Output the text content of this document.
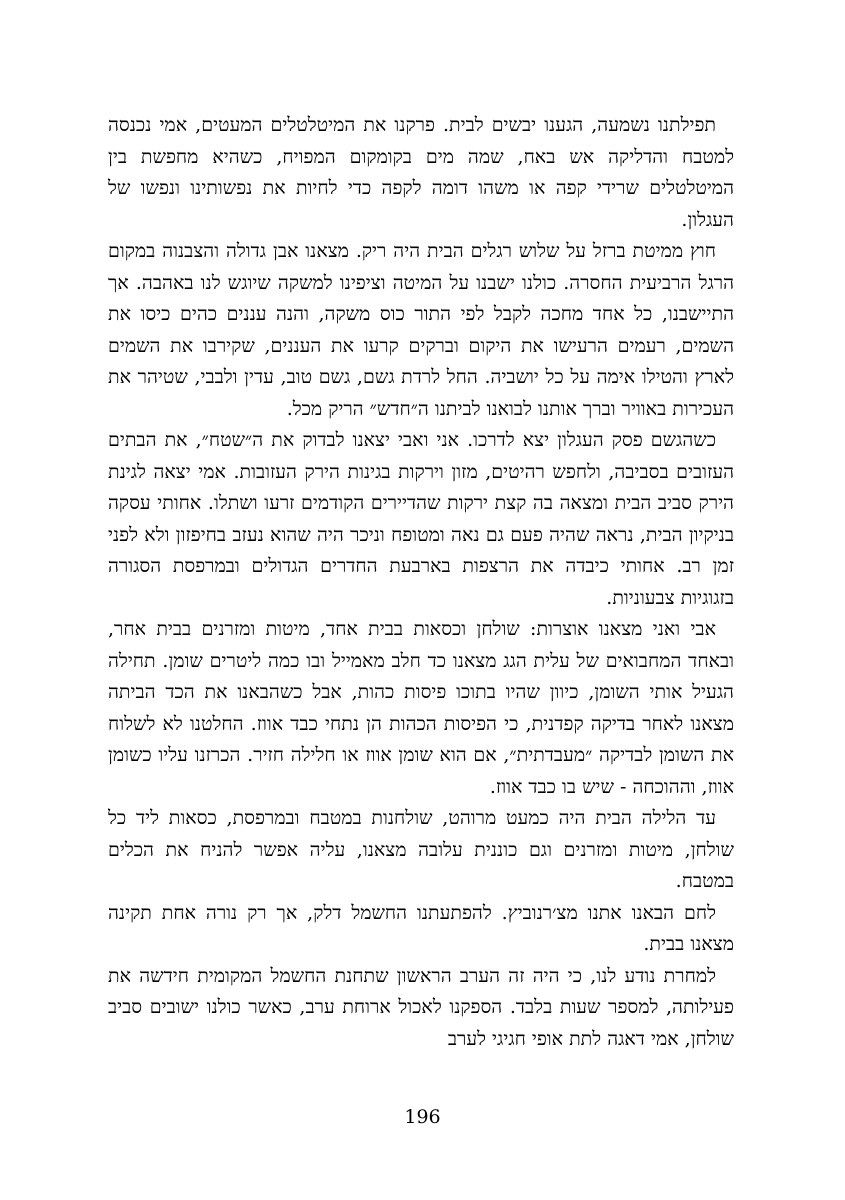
תפילתנו נשמעה, הגענו יבשים לבית. פרקנו את המיטלטלים המעטים, אמי נכנסה למטבח והדליקה אש באח, שמה מים בקומקום המפויח, כשהיא מחפשת בין המיטלטלים שרידי קפה או משהו דומה לקפה כדי לחיות את נפשותינו ונפשו של העגלון.

חוץ ממיטת ברזל על שלוש רגלים הבית היה ריק. מצאנו אבן גדולה והצבנוה במקום הרגל הרביעית החסרה. כולנו ישבנו על המיטה וציפינו למשקה שיוגש לנו באהבה. אך התיישבנו, כל אחד מחכה לקבל לפי התור כוס משקה, והנה עננים כהים כיסו את השמים, רעמים הרעישו את היקום וברקים קרעו את העננים, שקירבו את השמים לארץ והטילו אימה על כל יושביה. החל לרדת גשם, גשם טוב, עדין ולבבי, שטיהר את העכירות באוויר וברך אותנו לבואנו לביתנו ה״חדש״ הריק מכל.

כשהגשם פסק העגלון יצא לדרכו. אני ואבי יצאנו לבדוק את ה״שטח״, את הבתים העזובים בסביבה, ולחפש רהיטים, מזון וירקות בגינות הירק העזובות. אמי יצאה לגינת הירק סביב הבית ומצאה בה קצת ירקות שהדיירים הקודמים זרעו ושתלו. אחותי עסקה בניקיון הבית, נראה שהיה פעם גם נאה ומטופח וניכר היה שהוא נעזב בחיפזון ולא לפני זמן רב. אחותי כיבדה את הרצפות בארבעת החדרים הגדולים ובמרפסת הסגורה בזגוגיות צבעוניות.

אבי ואני מצאנו אוצרות: שולחן וכסאות בבית אחד, מיטות ומזרנים בבית אחר, ובאחד המחבואים של עלית הגג מצאנו כד חלב מאמייל ובו כמה ליטרים שומן. תחילה הגעיל אותי השומן, כיוון שהיו בתוכו פיסות כהות, אבל כשהבאנו את הכד הביתה מצאנו לאחר בדיקה קפדנית, כי הפיסות הכהות הן נתחי כבד אווז. החלטנו לא לשלוח את השומן לבדיקה ״מעבדתית״, אם הוא שומן אווז או חלילה חזיר. הכרזנו עליו כשומן אווז, וההוכחה - שיש בו כבד אווז.

עד הלילה הבית היה כמעט מרוהט, שולחנות במטבח ובמרפסת, כסאות ליד כל שולחן, מיטות ומזרנים וגם כוננית עלובה מצאנו, עליה אפשר להניח את הכלים במטבח.

לחם הבאנו אתנו מצ׳רנוביץ. להפתעתנו החשמל דלק, אך רק נורה אחת תקינה מצאנו בבית.

למחרת נודע לנו, כי היה זה הערב הראשון שתחנת החשמל המקומית חידשה את פעילותה, למספר שעות בלבד. הספקנו לאכול ארוחת ערב, כאשר כולנו ישובים סביב שולחן, אמי דאגה לתת אופי חגיגי לערב

196
